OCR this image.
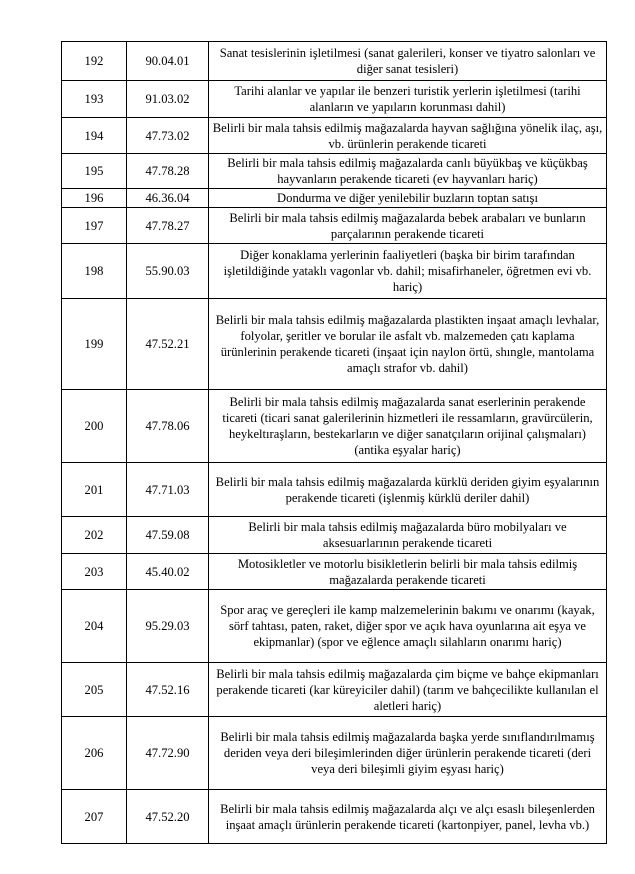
192	90.04.01	Sanat tesislerinin işletilmesi (sanat galerileri, konser ve tiyatro salonları ve diğer sanat tesisleri)
193	91.03.02	Tarihi alanlar ve yapılar ile benzeri turistik yerlerin işletilmesi (tarihi alanların ve yapıların korunması dahil)
194	47.73.02	Belirli bir mala tahsis edilmiş mağazalarda hayvan sağlığına yönelik ilaç, aşı, vb. ürünlerin perakende ticareti
195	47.78.28	Belirli bir mala tahsis edilmiş mağazalarda canlı büyükbaş ve küçükbaş hayvanların perakende ticareti (ev hayvanları hariç)
196	46.36.04	Dondurma ve diğer yenilebilir buzların toptan satışı
197	47.78.27	Belirli bir mala tahsis edilmiş mağazalarda bebek arabaları ve bunların parçalarının perakende ticareti
198	55.90.03	Diğer konaklama yerlerinin faaliyetleri (başka bir birim tarafından işletildiğinde yataklı vagonlar vb. dahil; misafirhaneler, öğretmen evi vb. hariç)
199	47.52.21	Belirli bir mala tahsis edilmiş mağazalarda plastikten inşaat amaçlı levhalar, folyolar, şeritler ve borular ile asfalt vb. malzemeden çatı kaplama ürünlerinin perakende ticareti (inşaat için naylon örtü, shıngle, mantolama amaçlı strafor vb. dahil)
200	47.78.06	Belirli bir mala tahsis edilmiş mağazalarda sanat eserlerinin perakende ticareti (ticari sanat galerilerinin hizmetleri ile ressamların, gravürcülerin, heykeltıraşların, bestekarların ve diğer sanatçıların orijinal çalışmaları) (antika eşyalar hariç)
201	47.71.03	Belirli bir mala tahsis edilmiş mağazalarda kürklü deriden giyim eşyalarının perakende ticareti (işlenmiş kürklü deriler dahil)
202	47.59.08	Belirli bir mala tahsis edilmiş mağazalarda büro mobilyaları ve aksesuarlarının perakende ticareti
203	45.40.02	Motosikletler ve motorlu bisikletlerin belirli bir mala tahsis edilmiş mağazalarda perakende ticareti
204	95.29.03	Spor araç ve gereçleri ile kamp malzemelerinin bakımı ve onarımı (kayak, sörf tahtası, paten, raket, diğer spor ve açık hava oyunlarına ait eşya ve ekipmanlar) (spor ve eğlence amaçlı silahların onarımı hariç)
205	47.52.16	Belirli bir mala tahsis edilmiş mağazalarda çim biçme ve bahçe ekipmanları perakende ticareti (kar küreyiciler dahil) (tarım ve bahçecilikte kullanılan el aletleri hariç)
206	47.72.90	Belirli bir mala tahsis edilmiş mağazalarda başka yerde sınıflandırılmamış deriden veya deri bileşimlerinden diğer ürünlerin perakende ticareti (deri veya deri bileşimli giyim eşyası hariç)
207	47.52.20	Belirli bir mala tahsis edilmiş mağazalarda alçı ve alçı esaslı bileşenlerden inşaat amaçlı ürünlerin perakende ticareti (kartonpiyer, panel, levha vb.)
